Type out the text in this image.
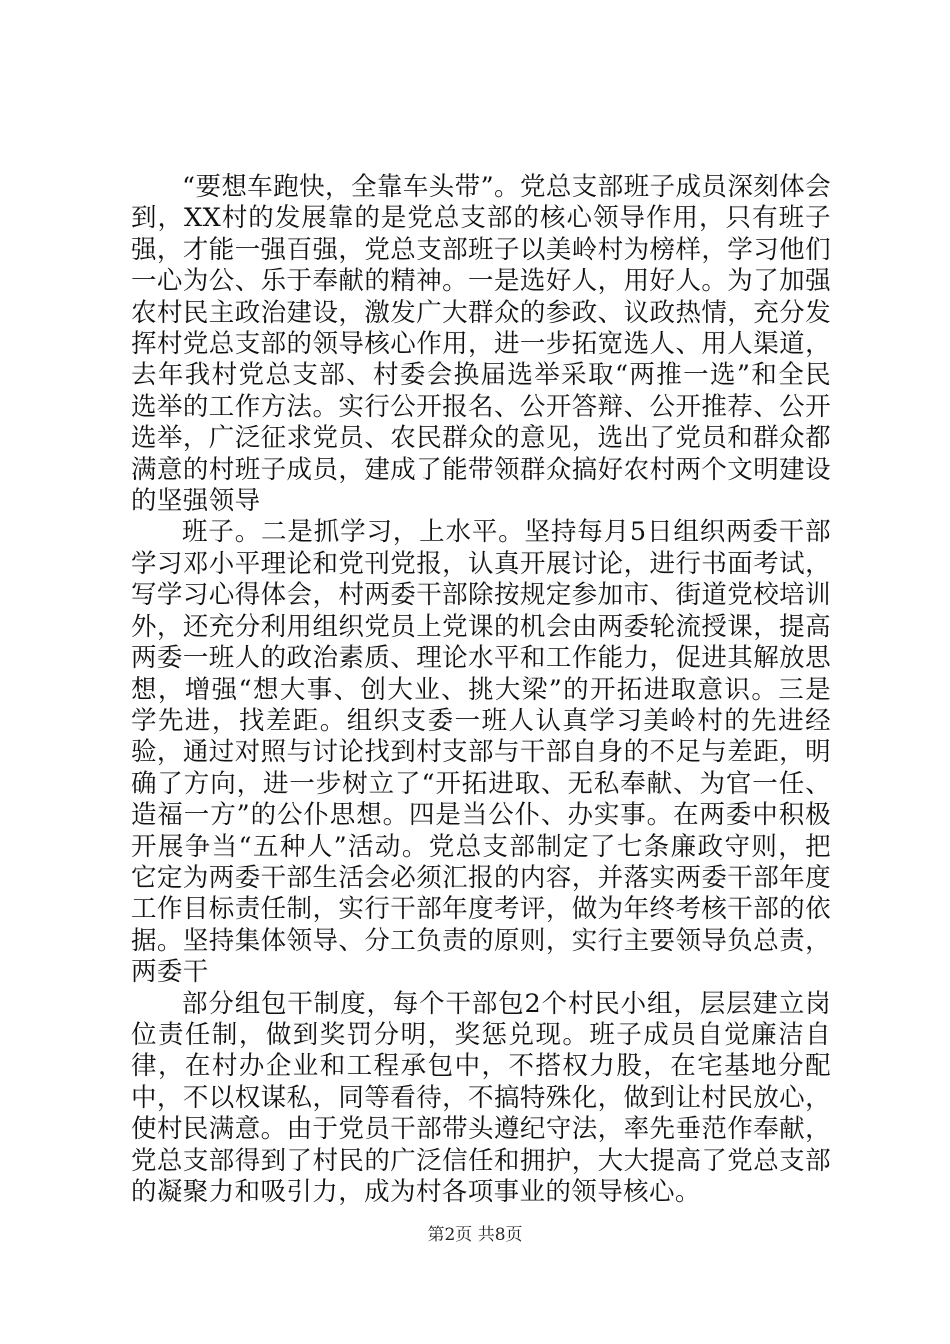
“要想车跑快，全靠车头带”。党总支部班子成员深刻体会到，XX村的发展靠的是党总支部的核心领导作用，只有班子强，才能一强百强，党总支部班子以美岭村为榜样，学习他们一心为公、乐于奉献的精神。一是选好人，用好人。为了加强农村民主政治建设，激发广大群众的参政、议政热情，充分发挥村党总支部的领导核心作用，进一步拓宽选人、用人渠道，去年我村党总支部、村委会换届选举采取“两推一选”和全民选举的工作方法。实行公开报名、公开答辩、公开推荐、公开选举，广泛征求党员、农民群众的意见，选出了党员和群众都满意的村班子成员，建成了能带领群众搞好农村两个文明建设的坚强领导

班子。二是抓学习，上水平。坚持每月5日组织两委干部学习邓小平理论和党刊党报，认真开展讨论，进行书面考试，写学习心得体会，村两委干部除按规定参加市、街道党校培训外，还充分利用组织党员上党课的机会由两委轮流授课，提高两委一班人的政治素质、理论水平和工作能力，促进其解放思想，增强“想大事、创大业、挑大梁”的开拓进取意识。三是学先进，找差距。组织支委一班人认真学习美岭村的先进经验，通过对照与讨论找到村支部与干部自身的不足与差距，明确了方向，进一步树立了“开拓进取、无私奉献、为官一任、造福一方”的公仆思想。四是当公仆、办实事。在两委中积极开展争当“五种人”活动。党总支部制定了七条廉政守则，把它定为两委干部生活会必须汇报的内容，并落实两委干部年度工作目标责任制，实行干部年度考评，做为年终考核干部的依据。坚持集体领导、分工负责的原则，实行主要领导负总责，两委干

部分组包干制度，每个干部包2个村民小组，层层建立岗位责任制，做到奖罚分明，奖惩兑现。班子成员自觉廉洁自律，在村办企业和工程承包中，不搭权力股，在宅基地分配中，不以权谋私，同等看待，不搞特殊化，做到让村民放心，使村民满意。由于党员干部带头遵纪守法，率先垂范作奉献，党总支部得到了村民的广泛信任和拥护，大大提高了党总支部的凝聚力和吸引力，成为村各项事业的领导核心。

第2页 共8页
